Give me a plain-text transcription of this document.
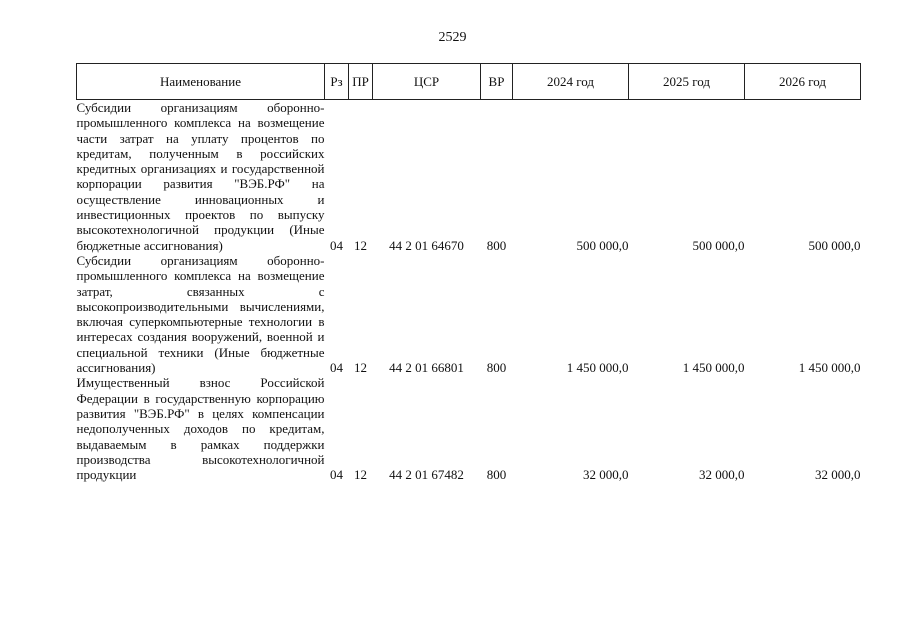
2529
Наименование	Рз	ПР	ЦСР	ВР	2024 год	2025 год	2026 год
Субсидии организациям оборонно-промышленного комплекса на возмещение части затрат на уплату процентов по кредитам, полученным в российских кредитных организациях и государственной корпорации развития "ВЭБ.РФ" на осуществление инновационных и инвестиционных проектов по выпуску высокотехнологичной продукции (Иные бюджетные ассигнования)	04	12	44 2 01 64670	800	500 000,0	500 000,0	500 000,0
Субсидии организациям оборонно-промышленного комплекса на возмещение затрат, связанных с высокопроизводительными вычислениями, включая суперкомпьютерные технологии в интересах создания вооружений, военной и специальной техники (Иные бюджетные ассигнования)	04	12	44 2 01 66801	800	1 450 000,0	1 450 000,0	1 450 000,0
Имущественный взнос Российской Федерации в государственную корпорацию развития "ВЭБ.РФ" в целях компенсации недополученных доходов по кредитам, выдаваемым в рамках поддержки производства высокотехнологичной продукции	04	12	44 2 01 67482	800	32 000,0	32 000,0	32 000,0
